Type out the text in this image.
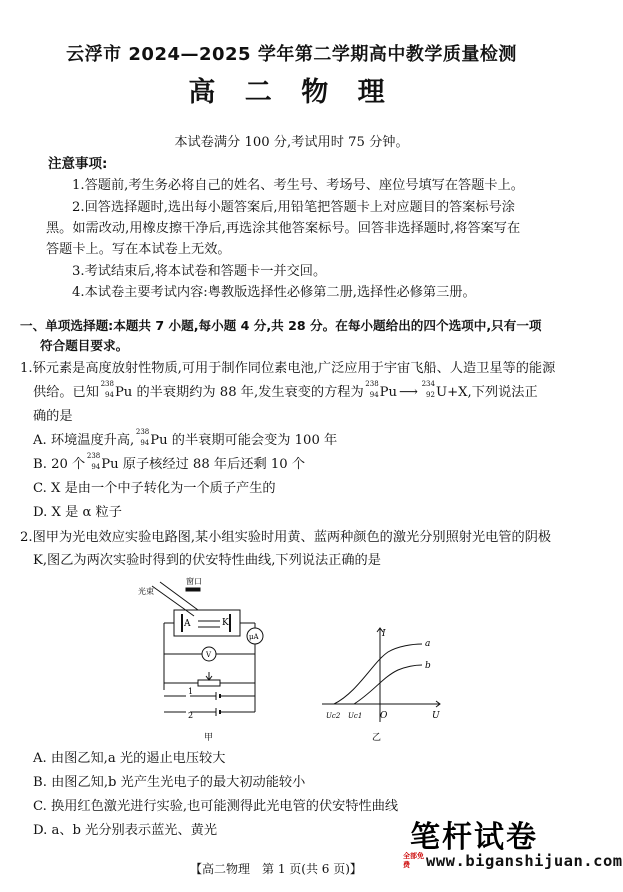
云浮市 2024—2025 学年第二学期高中教学质量检测
高 二 物 理
本试卷满分 100 分,考试用时 75 分钟。
注意事项:
1.答题前,考生务必将自己的姓名、考生号、考场号、座位号填写在答题卡上。
2.回答选择题时,选出每小题答案后,用铅笔把答题卡上对应题目的答案标号涂
黑。如需改动,用橡皮擦干净后,再选涂其他答案标号。回答非选择题时,将答案写在
答题卡上。写在本试卷上无效。
3.考试结束后,将本试卷和答题卡一并交回。
4.本试卷主要考试内容:粤教版选择性必修第二册,选择性必修第三册。
一、单项选择题:本题共 7 小题,每小题 4 分,共 28 分。在每小题给出的四个选项中,只有一项
符合题目要求。
1.钚元素是高度放射性物质,可用于制作同位素电池,广泛应用于宇宙飞船、人造卫星等的能源
供给。已知
238
94 Pu 的半衰期约为 88 年,发生衰变的方程为
238
94 Pu ⟶
234
92 U+X,下列说法正
确的是
A. 环境温度升高,
238
94 Pu 的半衰期可能会变为 100 年
B. 20 个
238
94 Pu 原子核经过 88 年后还剩 10 个
C. X 是由一个中子转化为一个质子产生的
D. X 是 α 粒子
2.图甲为光电效应实验电路图,某小组实验时用黄、蓝两种颜色的激光分别照射光电管的阴极
K,图乙为两次实验时得到的伏安特性曲线,下列说法正确的是
窗口
光束
A	K
μA
V
1
2
甲
I
U
O
a
b
Uc2 Uc1
乙
A. 由图乙知,a 光的遏止电压较大
B. 由图乙知,b 光产生光电子的最大初动能较小
C. 换用红色激光进行实验,也可能测得此光电管的伏安特性曲线
D. a、b 光分别表示蓝光、黄光
【高二物理　第 1 页(共 6 页)】
笔杆试卷
全部免费	www.biganshijuan.com
